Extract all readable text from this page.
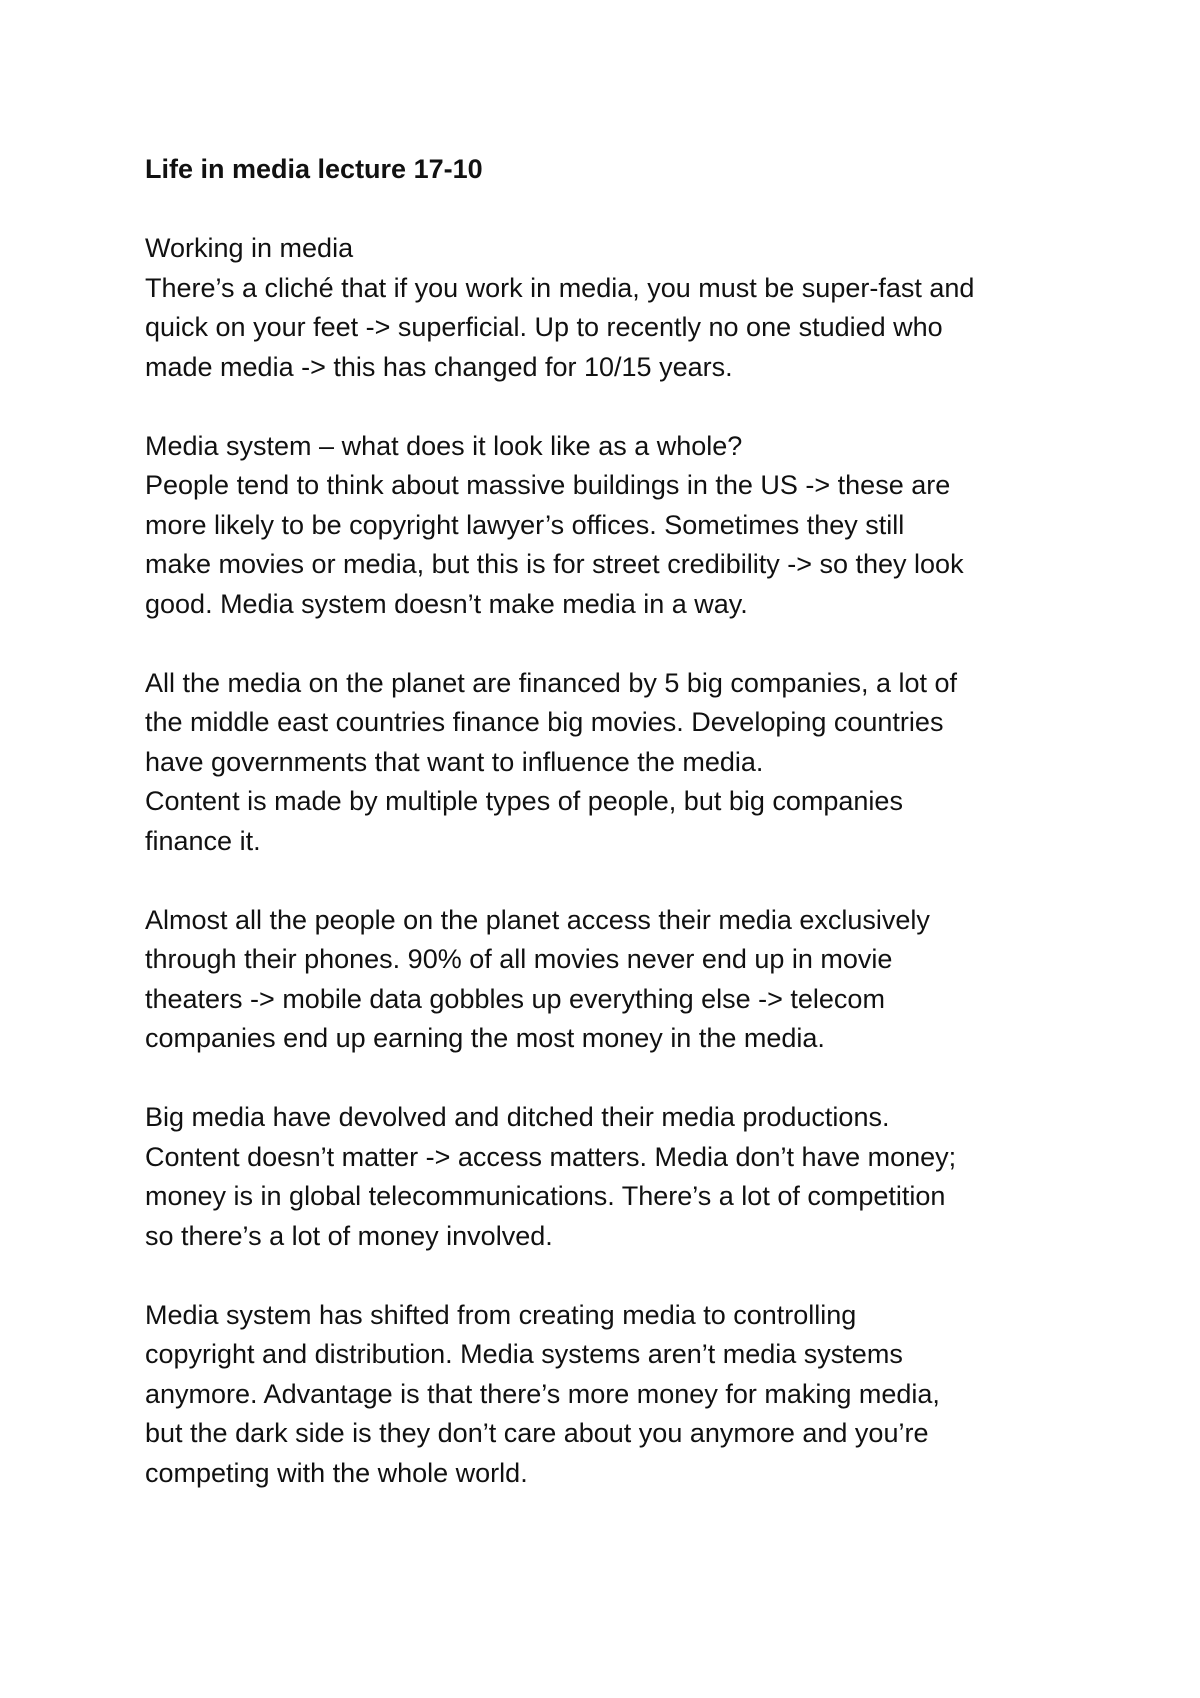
Life in media lecture 17-10
Working in media
There’s a cliché that if you work in media, you must be super-fast and
quick on your feet -> superficial. Up to recently no one studied who
made media -> this has changed for 10/15 years.
Media system – what does it look like as a whole?
People tend to think about massive buildings in the US -> these are
more likely to be copyright lawyer’s offices. Sometimes they still
make movies or media, but this is for street credibility -> so they look
good. Media system doesn’t make media in a way.
All the media on the planet are financed by 5 big companies, a lot of
the middle east countries finance big movies. Developing countries
have governments that want to influence the media.
Content is made by multiple types of people, but big companies
finance it.
Almost all the people on the planet access their media exclusively
through their phones. 90% of all movies never end up in movie
theaters -> mobile data gobbles up everything else -> telecom
companies end up earning the most money in the media.
Big media have devolved and ditched their media productions.
Content doesn’t matter -> access matters. Media don’t have money;
money is in global telecommunications. There’s a lot of competition
so there’s a lot of money involved.
Media system has shifted from creating media to controlling
copyright and distribution. Media systems aren’t media systems
anymore. Advantage is that there’s more money for making media,
but the dark side is they don’t care about you anymore and you’re
competing with the whole world.
